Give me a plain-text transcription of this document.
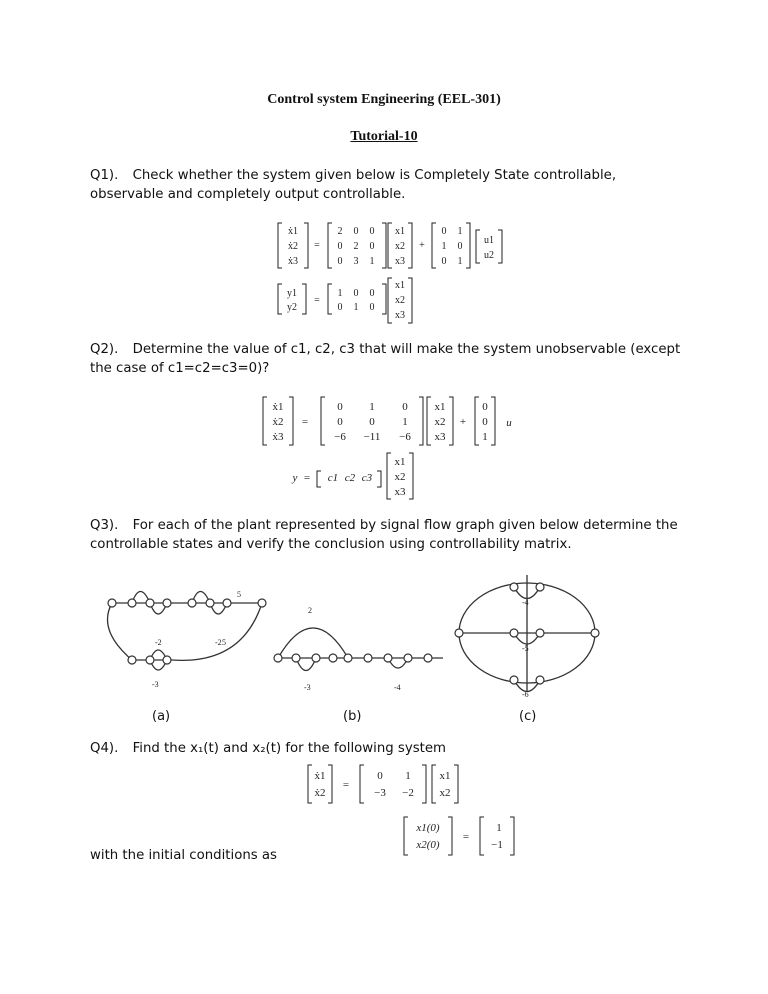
Control system Engineering (EEL-301)
Tutorial-10
Q1). Check whether the system given below is Completely State controllable, observable and completely output controllable.
ẋ1
ẋ2
ẋ3
=
2 0 0
0 2 0
0 3 1
x1
x2
x3
+
0 1
1 0
0 1
u1
u2
y1
y2
=
1 0 0
0 1 0
x1
x2
x3
Q2). Determine the value of c1, c2, c3 that will make the system unobservable (except the case of c1=c2=c3=0)?
ẋ1
ẋ2
ẋ3
=
0 1	0
0 0	1
−6 −11 −6
x1
x2
x3
+
0
0
1
u
y = c1 c2 c3
x1
x2
x3
Q3). For each of the plant represented by signal flow graph given below determine the controllable states and verify the conclusion using controllability matrix.
-2	-2
-3
5
5
2
-3	-4
-4
-5
-6
(a)	(b)	(c)
Q4). Find the x₁(t) and x₂(t) for the following system
ẋ1
ẋ2
=
0 1
−3 −2
x1
x2
with the initial conditions as
x1(0)
x2(0)
=
1
−1
